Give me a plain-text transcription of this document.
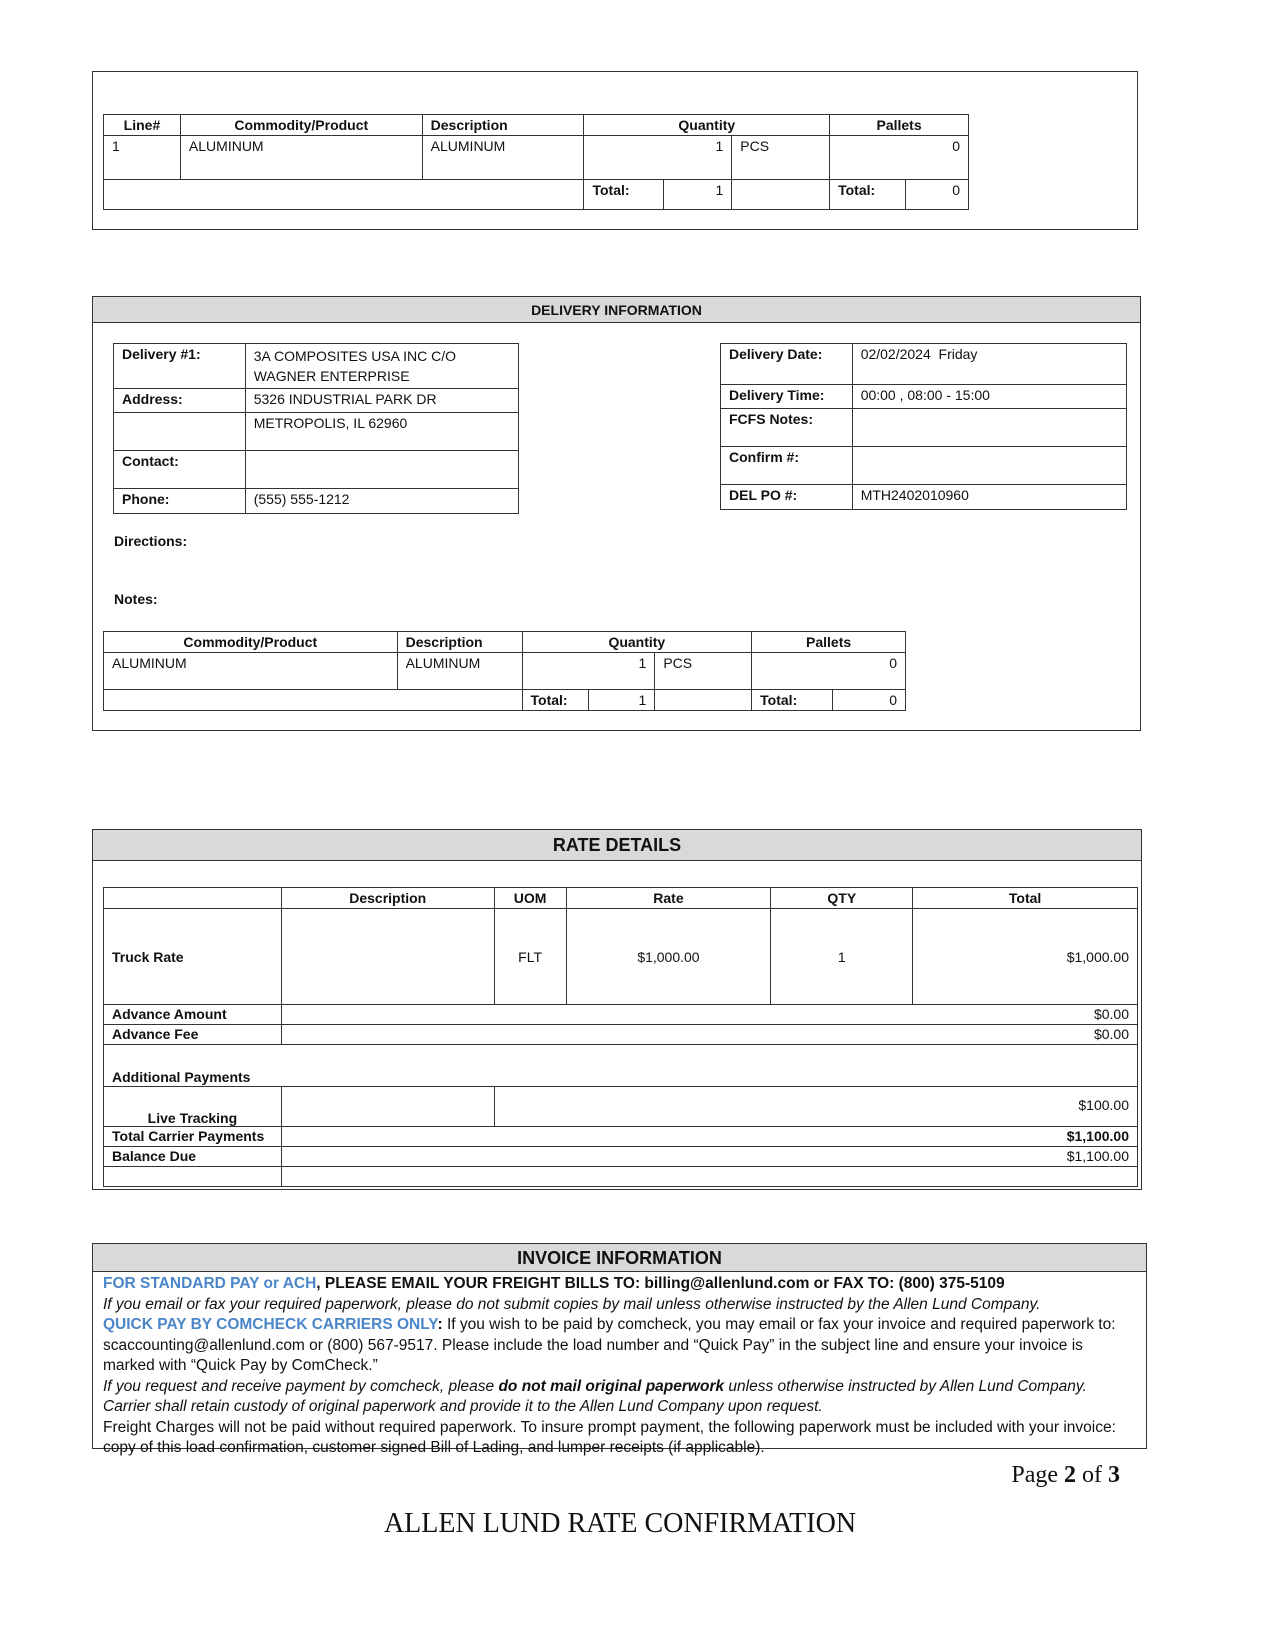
Line#	Commodity/Product	Description	Quantity			Pallets	
1	ALUMINUM	ALUMINUM	1		PCS	0	
			Total:	1		Total:	0
DELIVERY INFORMATION
Delivery #1:	3A COMPOSITES USA INC C/O
WAGNER ENTERPRISE

Address:	5326 INDUSTRIAL PARK DR
	METROPOLIS, IL 62960
Contact:	
Phone:	(555) 555-1212
Delivery Date:	02/02/2024  Friday
Delivery Time:	00:00 , 08:00 - 15:00
FCFS Notes:	
Confirm #:	
DEL PO #:	MTH2402010960
Directions:
Notes:
Commodity/Product	Description	Quantity			Pallets	
ALUMINUM	ALUMINUM	1		PCS	0	
		Total:	1		Total:	0
RATE DETAILS
	Description	UOM	Rate	QTY	Total
Truck Rate		FLT	$1,000.00	1	$1,000.00
Advance Amount	$0.00				
Advance Fee	$0.00				
Additional Payments					
Live Tracking		$100.00			
Total Carrier Payments	$1,100.00				
Balance Due	$1,100.00				

INVOICE INFORMATION
FOR STANDARD PAY or ACH, PLEASE EMAIL YOUR FREIGHT BILLS TO: billing@allenlund.com or FAX TO: (800) 375-5109
If you email or fax your required paperwork, please do not submit copies by mail unless otherwise instructed by the Allen Lund Company.
QUICK PAY BY COMCHECK CARRIERS ONLY: If you wish to be paid by comcheck, you may email or fax your invoice and required paperwork to: scaccounting@allenlund.com or (800) 567-9517. Please include the load number and “Quick Pay” in the subject line and ensure your invoice is marked with “Quick Pay by ComCheck.”
If you request and receive payment by comcheck, please do not mail original paperwork unless otherwise instructed by Allen Lund Company. Carrier shall retain custody of original paperwork and provide it to the Allen Lund Company upon request.
Freight Charges will not be paid without required paperwork. To insure prompt payment, the following paperwork must be included with your invoice: copy of this load confirmation, customer signed Bill of Lading, and lumper receipts (if applicable).
Page 2 of 3
ALLEN LUND RATE CONFIRMATION
